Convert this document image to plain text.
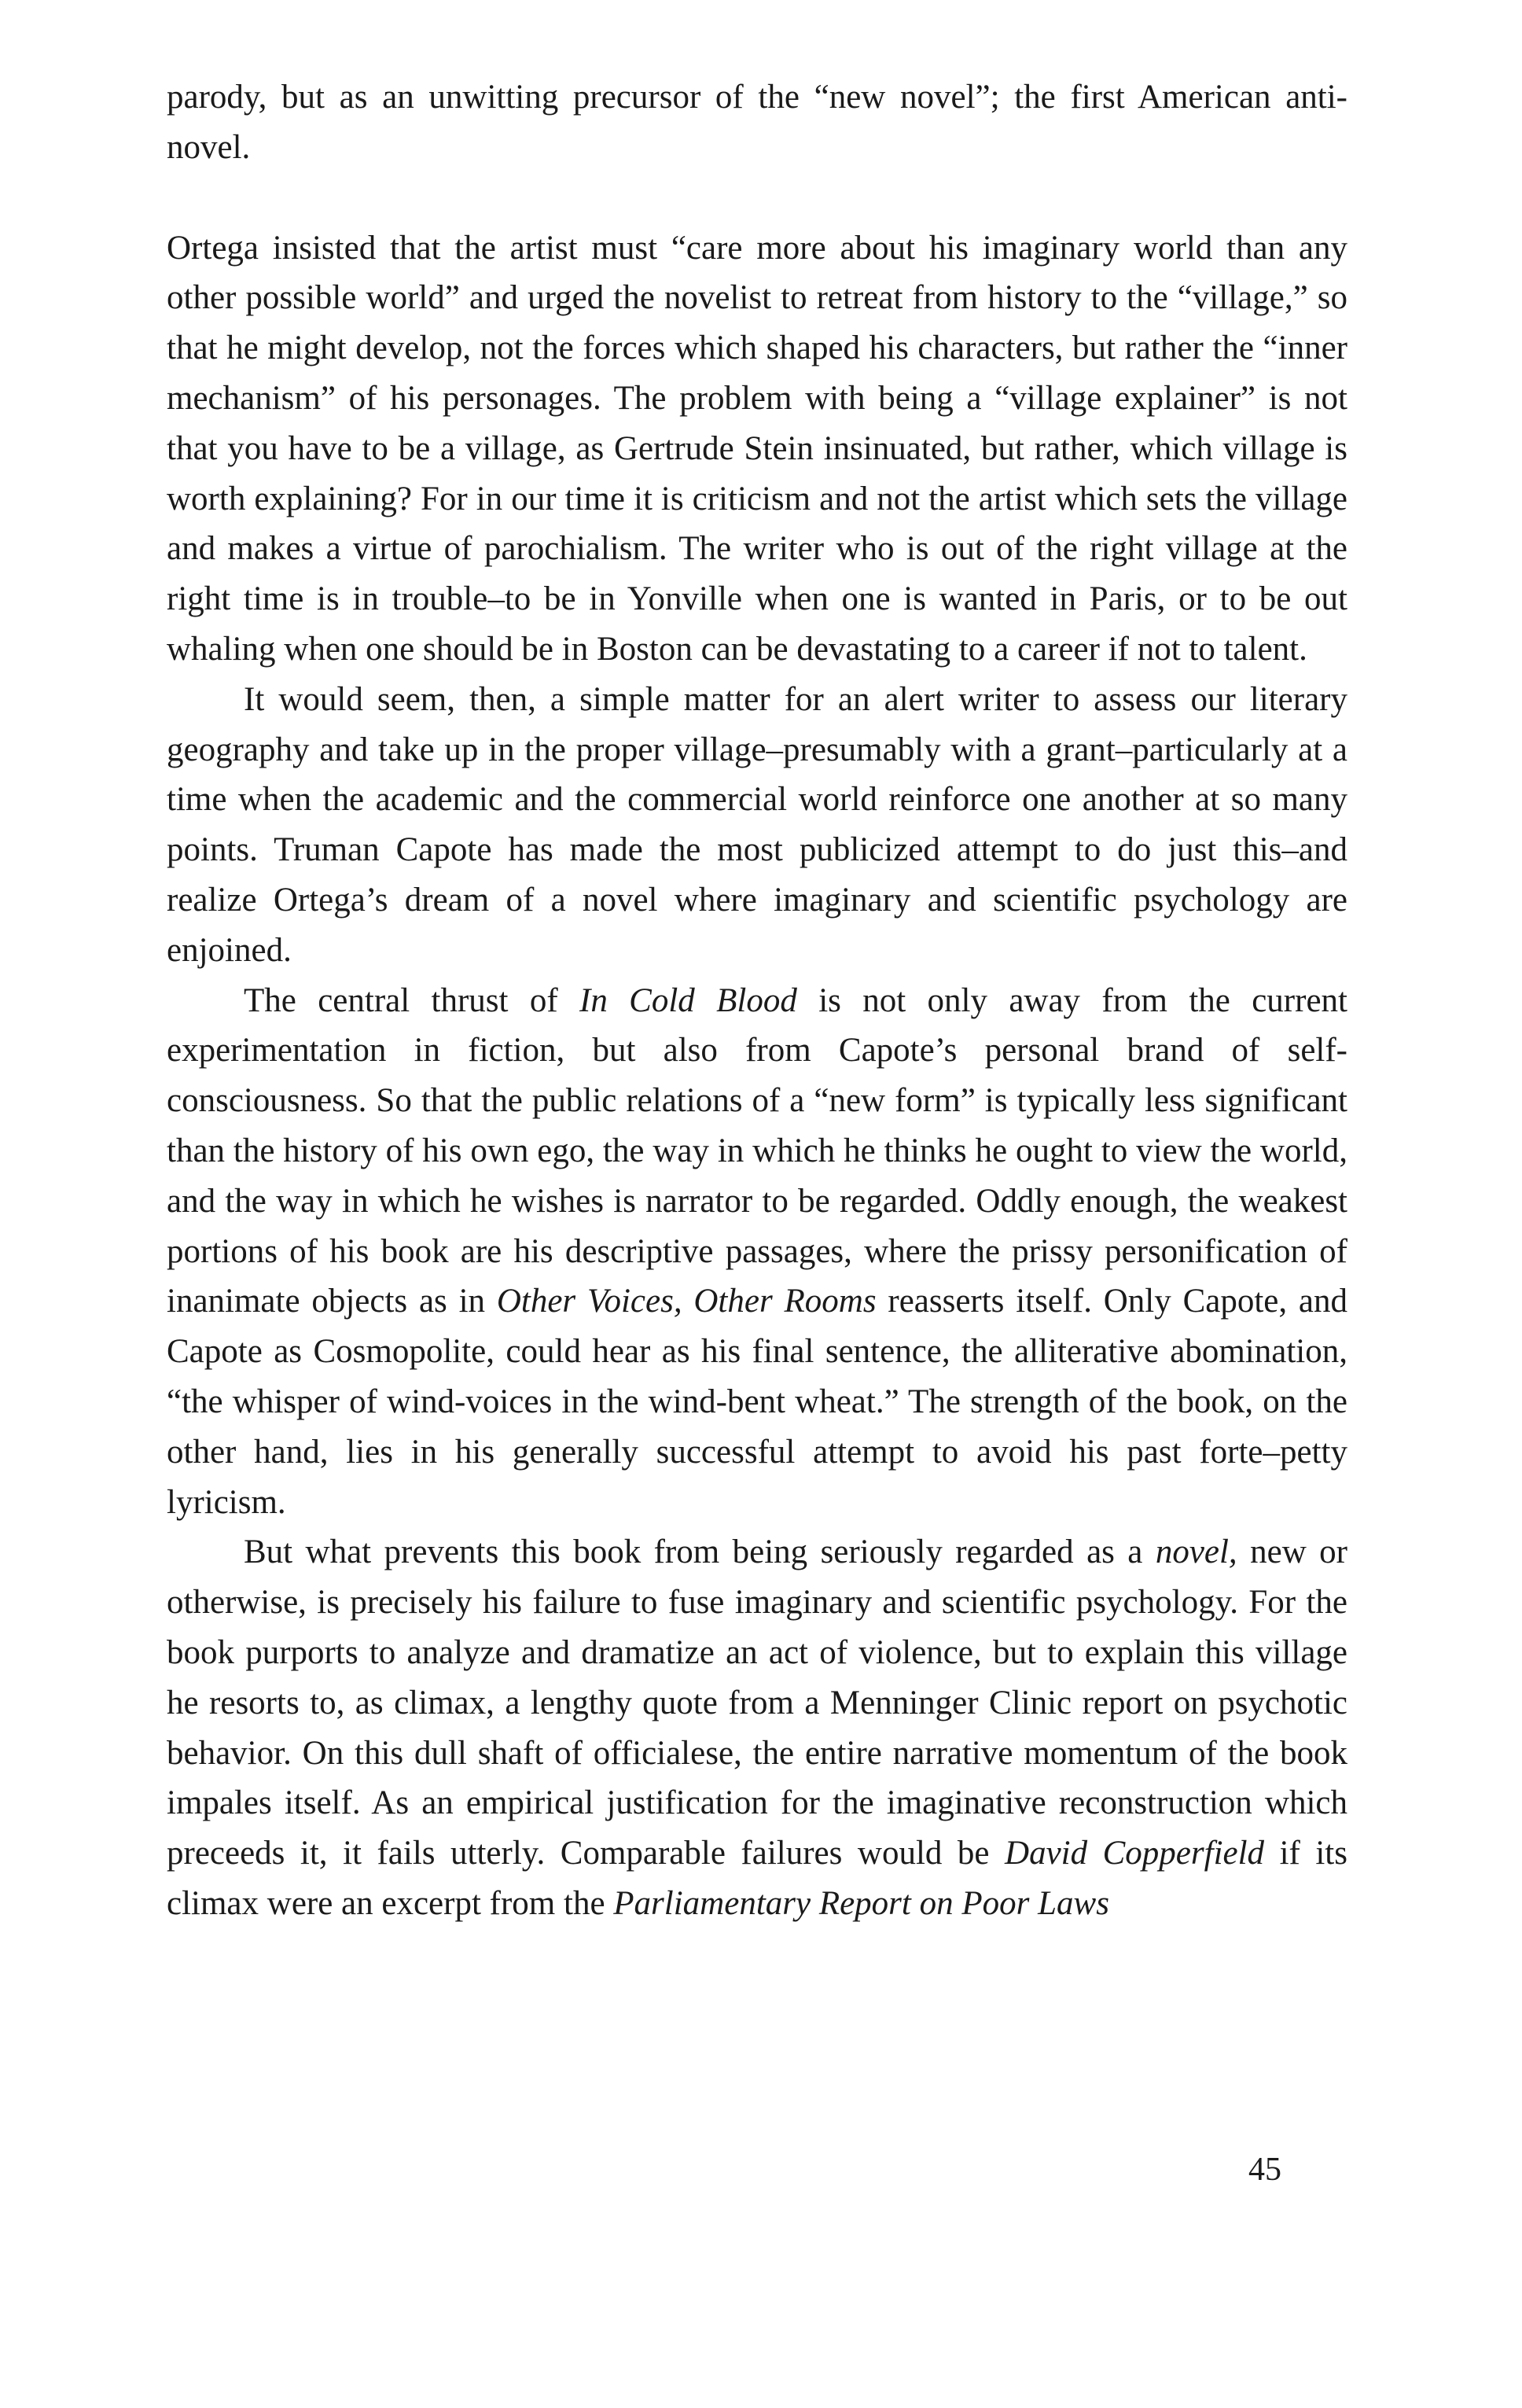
parody, but as an unwitting precursor of the “new novel”; the first American anti-novel.

Ortega insisted that the artist must “care more about his imaginary world than any other possible world” and urged the novelist to retreat from history to the “village,” so that he might develop, not the forces which shaped his characters, but rather the “inner mechanism” of his personages. The problem with being a “village explainer” is not that you have to be a village, as Gertrude Stein insinuated, but rather, which village is worth explaining? For in our time it is criticism and not the artist which sets the village and makes a virtue of parochialism. The writer who is out of the right village at the right time is in trouble–to be in Yonville when one is wanted in Paris, or to be out whaling when one should be in Boston can be devastating to a career if not to talent.

It would seem, then, a simple matter for an alert writer to assess our literary geography and take up in the proper village–presumably with a grant–particularly at a time when the academic and the commercial world reinforce one another at so many points. Truman Capote has made the most publicized attempt to do just this–and realize Ortega’s dream of a novel where imaginary and scientific psychology are enjoined.

The central thrust of In Cold Blood is not only away from the current experimentation in fiction, but also from Capote’s personal brand of self-consciousness. So that the public relations of a “new form” is typically less significant than the history of his own ego, the way in which he thinks he ought to view the world, and the way in which he wishes is narrator to be regarded. Oddly enough, the weakest portions of his book are his descriptive passages, where the prissy personification of inanimate objects as in Other Voices, Other Rooms reasserts itself. Only Capote, and Capote as Cosmopolite, could hear as his final sentence, the alliterative abomination, “the whisper of wind-voices in the wind-bent wheat.” The strength of the book, on the other hand, lies in his generally successful attempt to avoid his past forte–petty lyricism.

But what prevents this book from being seriously regarded as a novel, new or otherwise, is precisely his failure to fuse imaginary and scientific psychology. For the book purports to analyze and dramatize an act of violence, but to explain this village he resorts to, as climax, a lengthy quote from a Menninger Clinic report on psychotic behavior. On this dull shaft of officialese, the entire narrative momentum of the book impales itself. As an empirical justification for the imaginative reconstruction which preceeds it, it fails utterly. Comparable failures would be David Copperfield if its climax were an excerpt from the Parliamentary Report on Poor Laws

45
